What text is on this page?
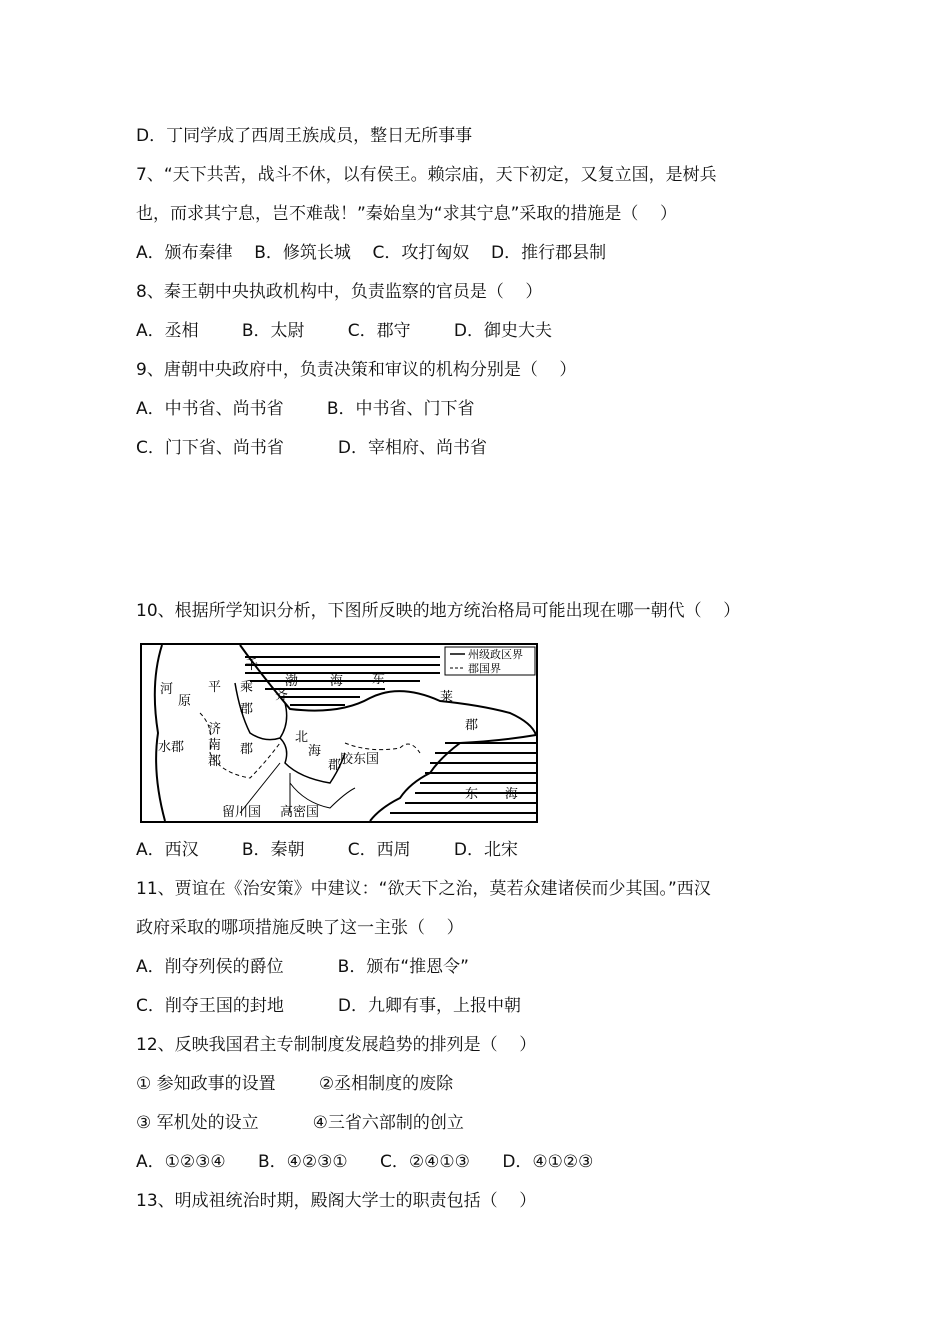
D．丁同学成了西周王族成员，整日无所事事
7、“天下共苦，战斗不休，以有侯王。赖宗庙，天下初定，又复立国，是树兵
也，而求其宁息，岂不难哉！”秦始皇为“求其宁息”采取的措施是（    ）
A．颁布秦律    B．修筑长城    C．攻打匈奴    D．推行郡县制
8、秦王朝中央执政机构中，负责监察的官员是（    ）
A．丞相        B．太尉        C．郡守        D．御史大夫
9、唐朝中央政府中，负责决策和审议的机构分别是（    ）
A．中书省、尚书省        B．中书省、门下省
C．门下省、尚书省          D．宰相府、尚书省
10、根据所学知识分析，下图所反映的地方统治格局可能出现在哪一朝代（    ）
州级政区界
郡国界
河
原
平
千
乘
郡
济
南
郡
齐
郡
水郡
北
海
郡
胶东国
东
莱
郡
渤 海
东 海
留川国 高密国
A．西汉        B．秦朝        C．西周        D．北宋
11、贾谊在《治安策》中建议：“欲天下之治，莫若众建诸侯而少其国。”西汉
政府采取的哪项措施反映了这一主张（    ）
A．削夺列侯的爵位          B．颁布“推恩令”
C．削夺王国的封地          D．九卿有事，上报中朝
12、反映我国君主专制制度发展趋势的排列是（    ）
① 参知政事的设置        ②丞相制度的废除
③ 军机处的设立          ④三省六部制的创立
A．①②③④      B．④②③①      C．②④①③      D．④①②③
13、明成祖统治时期，殿阁大学士的职责包括（    ）
